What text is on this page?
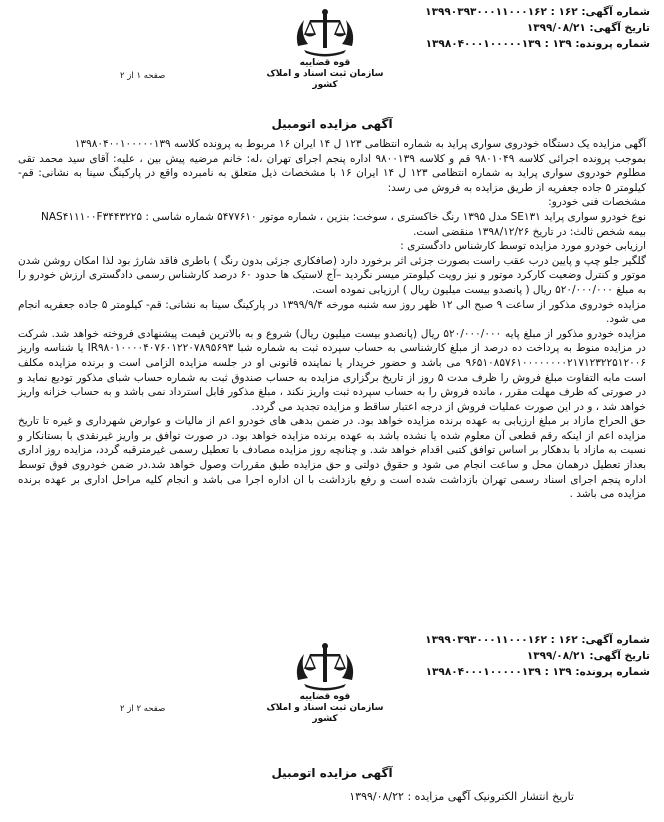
شماره آگهی: ۱۶۲ : ۱۳۹۹۰۳۹۳۰۰۰۱۱۰۰۰۱۶۲
تاریخ آگهی: ۱۳۹۹/۰۸/۲۱
شماره پرونده: ۱۳۹ : ۱۳۹۸۰۴۰۰۰۱۰۰۰۰۰۱۳۹
قوه قضاییه
سازمان ثبت اسناد و املاک کشور
صفحه ۱ از ۲
آگهی مزایده اتومبیل

آگهی مزایده یک دستگاه خودروی سواری پراید به شماره انتظامی ۱۲۳ ل ۱۴ ایران ۱۶ مربوط به پرونده کلاسه ۱۳۹۸۰۴۰۰۱۰۰۰۰۰۱۳۹

بموجب پرونده اجرائی کلاسه ۹۸۰۱۰۴۹ قم و کلاسه ۹۸۰۰۱۳۹ اداره پنجم اجرای تهران ،له: خانم مرضیه پیش بین ، علیه: آقای سید محمد تقی مطلوم خودروی سواری پراید به شماره انتظامی ۱۲۳ ل ۱۴ ایران ۱۶ با مشخصات ذیل متعلق به نامبرده واقع در پارکینگ سینا به نشانی: قم- کیلومتر ۵ جاده جعفریه از طریق مزایده به فروش می رسد:

مشخصات فنی خودرو:

نوع خودرو سواری پراید SE۱۳۱ مدل ۱۳۹۵ رنگ خاکستری ، سوخت: بنزین ، شماره موتور ۵۴۷۷۶۱۰ شماره شاسی : NAS۴۱۱۱۰۰F۳۴۴۳۲۲۵

بیمه شخص ثالث: در تاریخ ۱۳۹۸/۱۲/۲۶ منقضی است.

ارزیابی خودرو مورد مزایده توسط کارشناس دادگستری :

گلگیر جلو چپ و پایین درب عقب راست بصورت جزئی اثر برخورد دارد (صافکاری جزئی بدون رنگ ) باطری فاقد شارژ بود لذا امکان روشن شدن موتور و کنترل وضعیت کارکرد موتور و نیز رویت کیلومتر میسر نگردید –آج لاستیک ها حدود ۶۰ درصد کارشناس رسمی دادگستری ارزش خودرو را به مبلغ ۵۲۰/۰۰۰/۰۰۰ ریال ( پانصدو بیست میلیون ریال ) ارزیابی نموده است.

مزایده خودروی مذکور از ساعت ۹ صبح الی ۱۲ ظهر روز سه شنبه مورخه ۱۳۹۹/۹/۴ در پارکینگ سینا به نشانی: قم- کیلومتر ۵ جاده جعفریه انجام می شود.

مزایده خودرو مذکور از مبلغ پایه ۵۲۰/۰۰۰/۰۰۰ ریال (پانصدو بیست میلیون ریال) شروع و به بالاترین قیمت پیشنهادی فروخته خواهد شد. شرکت در مزایده منوط به پرداخت ده درصد از مبلغ کارشناسی به حساب سپرده ثبت به شماره شبا IR۹۸۰۱۰۰۰۰۴۰۷۶۰۱۲۲۰۷۸۹۵۶۹۳ یا شناسه واریز ۹۶۵۱۰۸۵۷۶۱۰۰۰۰۰۰۰۰۲۱۷۱۲۳۲۲۵۱۲۰۰۶ می باشد و حضور خریدار یا نماینده قانونی او در جلسه مزایده الزامی است و برنده مزایده مکلف است مابه التفاوت مبلغ فروش را ظرف مدت ۵ روز از تاریخ برگزاری مزایده به حساب صندوق ثبت به شماره حساب شبای مذکور تودیع نماید و در صورتی که ظرف مهلت مقرر ، مانده فروش را به حساب سپرده ثبت واریز نکند ، مبلغ مذکور قابل استرداد نمی باشد و به حساب خزانه واریز خواهد شد ، و در این صورت عملیات فروش از درجه اعتبار ساقط و مزایده تجدید می گردد.

حق الحراج مازاد بر مبلغ ارزیابی به عهده برنده مزایده خواهد بود. در ضمن بدهی های خودرو اعم از مالیات و عوارض شهرداری و غیره تا تاریخ مزایده اعم از اینکه رقم قطعی آن معلوم شده یا نشده باشد به عهده برنده مزایده خواهد بود. در صورت توافق بر واریز غیرنقدی با بستانکار و نسبت به مازاد با بدهکار بر اساس توافق کتبی اقدام خواهد شد. و چنانچه روز مزایده مصادف با تعطیل رسمی غیرمترقبه گردد، مزایده روز اداری بعداز تعطیل درهمان محل و ساعت انجام می شود و حقوق دولتی و حق مزایده طبق مقررات وصول خواهد شد.در ضمن خودروی فوق توسط اداره پنجم اجرای اسناد رسمی تهران بازداشت شده است و رفع بازداشت با ان اداره اجرا می باشد و انجام کلیه مراحل اداری بر عهده برنده مزایده می باشد .

شماره آگهی: ۱۶۲ : ۱۳۹۹۰۳۹۳۰۰۰۱۱۰۰۰۱۶۲
تاریخ آگهی: ۱۳۹۹/۰۸/۲۱
شماره پرونده: ۱۳۹ : ۱۳۹۸۰۴۰۰۰۱۰۰۰۰۰۱۳۹
قوه قضاییه
سازمان ثبت اسناد و املاک کشور
صفحه ۲ از ۲
آگهی مزایده اتومبیل
تاریخ انتشار الکترونیک آگهی مزایده : ۱۳۹۹/۰۸/۲۲
